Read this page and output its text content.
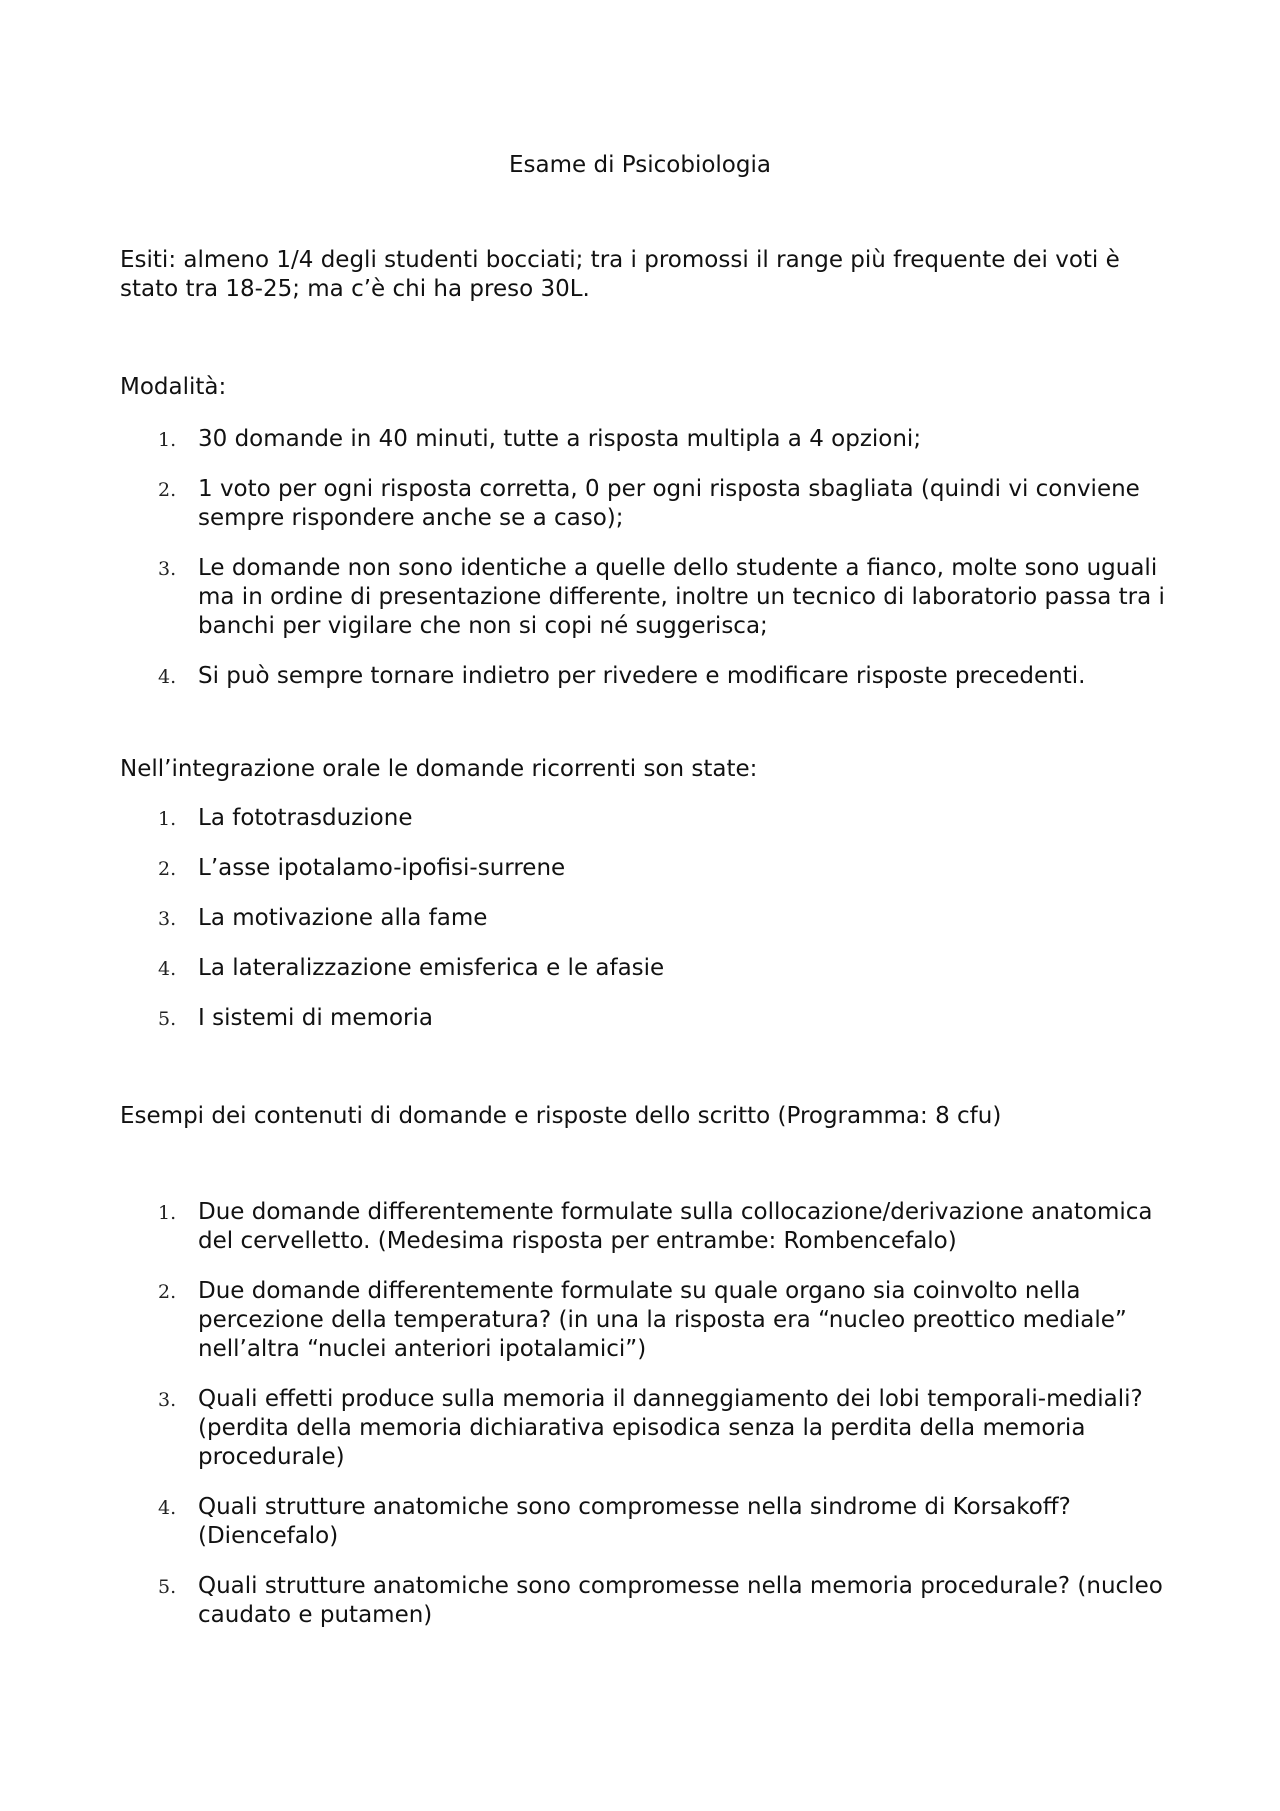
Esame di Psicobiologia
Esiti: almeno 1/4 degli studenti bocciati; tra i promossi il range più frequente dei voti è stato tra 18-25; ma c’è chi ha preso 30L.
Modalità:
1. 30 domande in 40 minuti, tutte a risposta multipla a 4 opzioni;
2. 1 voto per ogni risposta corretta, 0 per ogni risposta sbagliata (quindi vi conviene sempre rispondere anche se a caso);
3. Le domande non sono identiche a quelle dello studente a fianco, molte sono uguali ma in ordine di presentazione differente, inoltre un tecnico di laboratorio passa tra i banchi per vigilare che non si copi né suggerisca;
4. Si può sempre tornare indietro per rivedere e modificare risposte precedenti.
Nell’integrazione orale le domande ricorrenti son state:
1. La fototrasduzione
2. L’asse ipotalamo-ipofisi-surrene
3. La motivazione alla fame
4. La lateralizzazione emisferica e le afasie
5. I sistemi di memoria
Esempi dei contenuti di domande e risposte dello scritto (Programma: 8 cfu)
1. Due domande differentemente formulate sulla collocazione/derivazione anatomica del cervelletto. (Medesima risposta per entrambe: Rombencefalo)
2. Due domande differentemente formulate su quale organo sia coinvolto nella percezione della temperatura? (in una la risposta era “nucleo preottico mediale” nell’altra “nuclei anteriori ipotalamici”)
3. Quali effetti produce sulla memoria il danneggiamento dei lobi temporali-mediali? (perdita della memoria dichiarativa episodica senza la perdita della memoria procedurale)
4. Quali strutture anatomiche sono compromesse nella sindrome di Korsakoff? (Diencefalo)
5. Quali strutture anatomiche sono compromesse nella memoria procedurale? (nucleo caudato e putamen)
